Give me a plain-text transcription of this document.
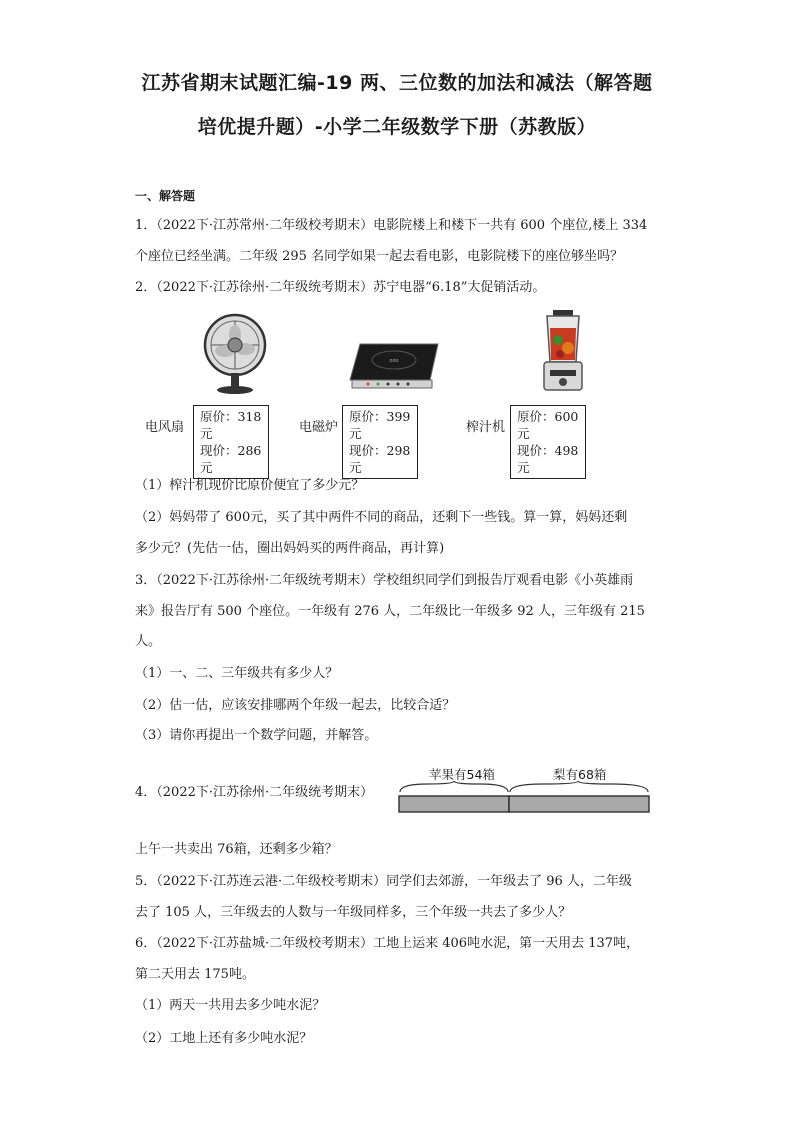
江苏省期末试题汇编-19 两、三位数的加法和减法（解答题
培优提升题）-小学二年级数学下册（苏教版）
一、解答题
1．（2022下·江苏常州·二年级校考期末）电影院楼上和楼下一共有 600 个座位,楼上 334
个座位已经坐满。二年级 295 名同学如果一起去看电影，电影院楼下的座位够坐吗？
2．（2022下·江苏徐州·二年级统考期末）苏宁电器“6.18”大促销活动。
ooo
电风扇
原价：318元
现价：286元
电磁炉
原价：399元
现价：298元
榨汁机
原价：600元
现价：498元
（1）榨汁机现价比原价便宜了多少元？
（2）妈妈带了 600元，买了其中两件不同的商品，还剩下一些钱。算一算，妈妈还剩
多少元？(先估一估，圈出妈妈买的两件商品，再计算)
3．（2022下·江苏徐州·二年级统考期末）学校组织同学们到报告厅观看电影《小英雄雨
来》报告厅有 500 个座位。一年级有 276 人，二年级比一年级多 92 人，三年级有 215
人。
（1）一、二、三年级共有多少人？
（2）估一估，应该安排哪两个年级一起去，比较合适？
（3）请你再提出一个数学问题，并解答。
4．（2022下·江苏徐州·二年级统考期末）
苹果有54箱	梨有68箱
上午一共卖出 76箱，还剩多少箱？
5．（2022下·江苏连云港·二年级校考期末）同学们去郊游，一年级去了 96 人，二年级
去了 105 人，三年级去的人数与一年级同样多，三个年级一共去了多少人？
6．（2022下·江苏盐城·二年级校考期末）工地上运来 406吨水泥，第一天用去 137吨，
第二天用去 175吨。
（1）两天一共用去多少吨水泥？
（2）工地上还有多少吨水泥？
